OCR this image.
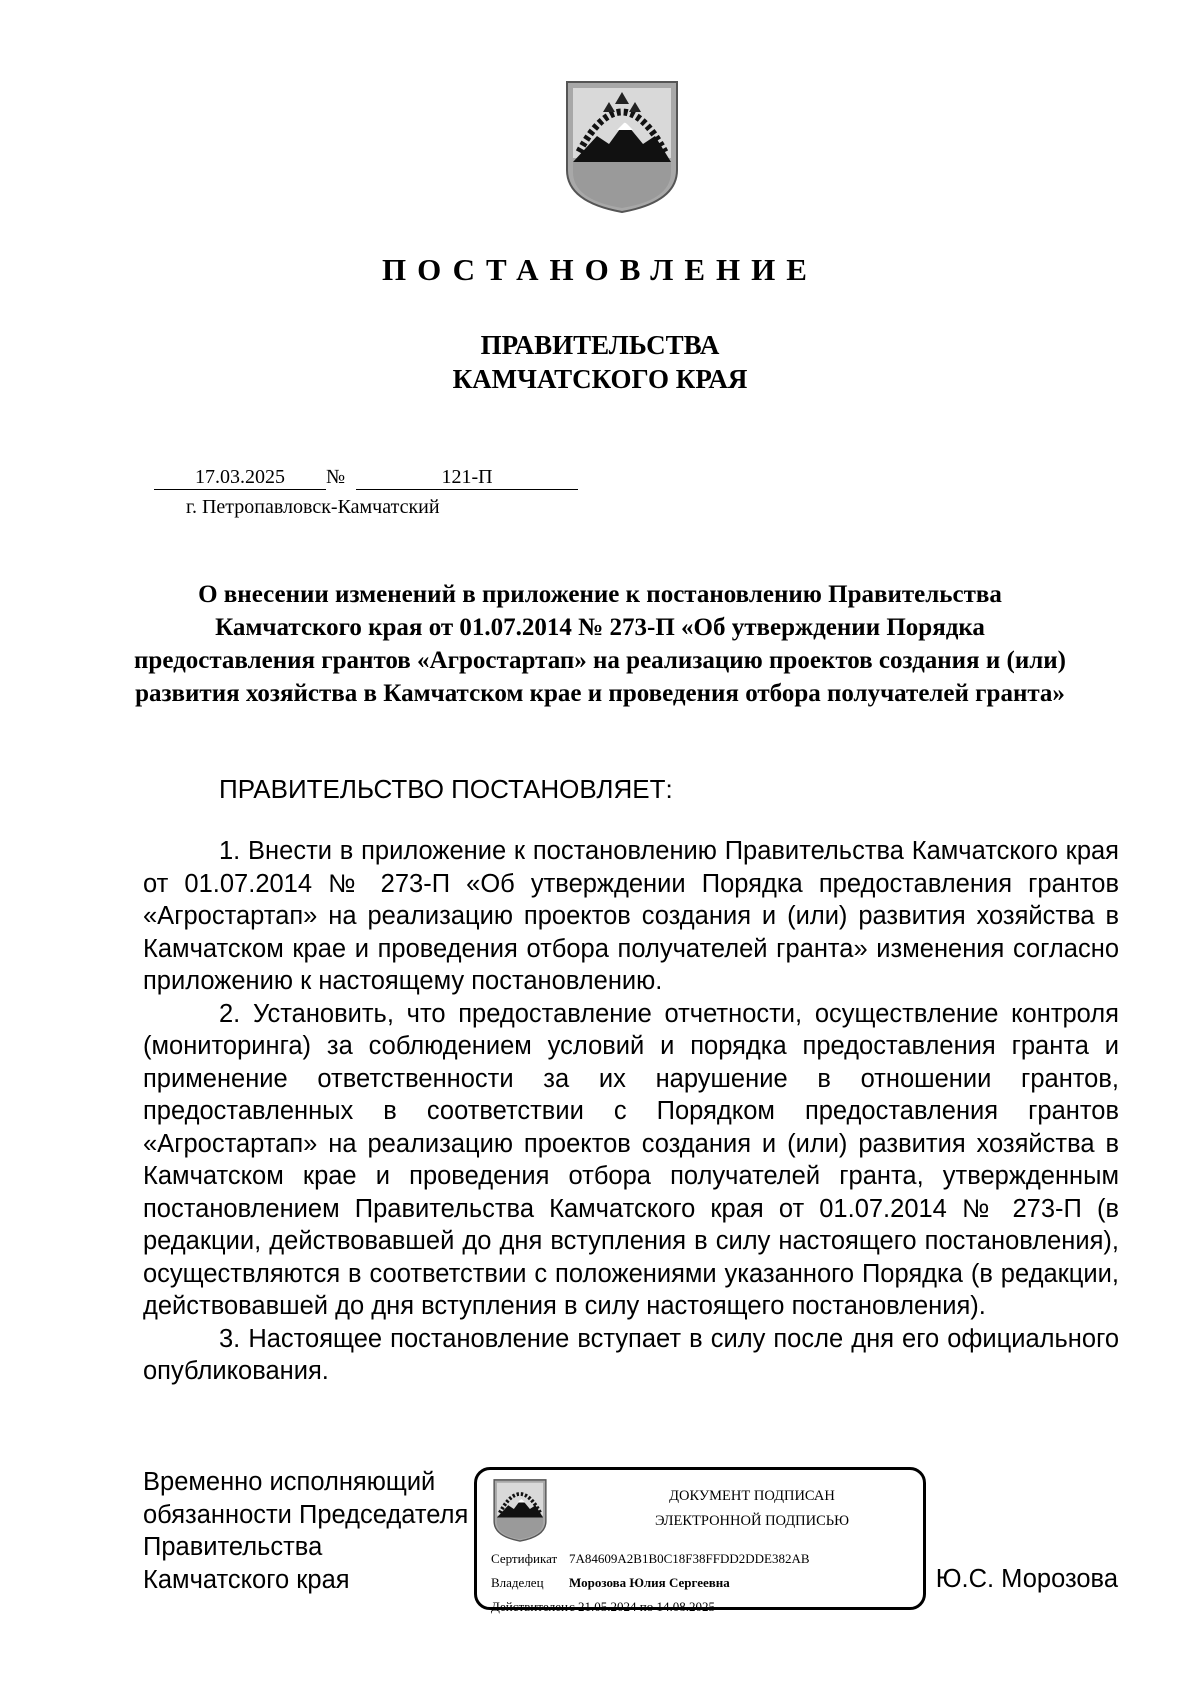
ПОСТАНОВЛЕНИЕ
ПРАВИТЕЛЬСТВА
КАМЧАТСКОГО КРАЯ
17.03.2025	№	121-П
г. Петропавловск-Камчатский
О внесении изменений в приложение к постановлению Правительства Камчатского края от 01.07.2014 № 273-П «Об утверждении Порядка предоставления грантов «Агростартап» на реализацию проектов создания и (или) развития хозяйства в Камчатском крае и проведения отбора получателей гранта»
ПРАВИТЕЛЬСТВО ПОСТАНОВЛЯЕТ:

1. Внести в приложение к постановлению Правительства Камчатского края от 01.07.2014 № 273-П «Об утверждении Порядка предоставления грантов «Агростартап» на реализацию проектов создания и (или) развития хозяйства в Камчатском крае и проведения отбора получателей гранта» изменения согласно приложению к настоящему постановлению.

2. Установить, что предоставление отчетности, осуществление контроля (мониторинга) за соблюдением условий и порядка предоставления гранта и применение ответственности за их нарушение в отношении грантов, предоставленных в соответствии с Порядком предоставления грантов «Агростартап» на реализацию проектов создания и (или) развития хозяйства в Камчатском крае и проведения отбора получателей гранта, утвержденным постановлением Правительства Камчатского края от 01.07.2014 № 273-П (в редакции, действовавшей до дня вступления в силу настоящего постановления), осуществляются в соответствии с положениями указанного Порядка (в редакции, действовавшей до дня вступления в силу настоящего постановления).

3. Настоящее постановление вступает в силу после дня его официального опубликования.

Временно исполняющий
обязанности Председателя
Правительства
Камчатского края
ДОКУМЕНТ ПОДПИСАН
ЭЛЕКТРОННОЙ ПОДПИСЬЮ
Сертификат 7A84609A2B1B0C18F38FFDD2DDE382AB
Владелец Морозова Юлия Сергеевна
Действителенс 21.05.2024 по 14.08.2025
Ю.С. Морозова
